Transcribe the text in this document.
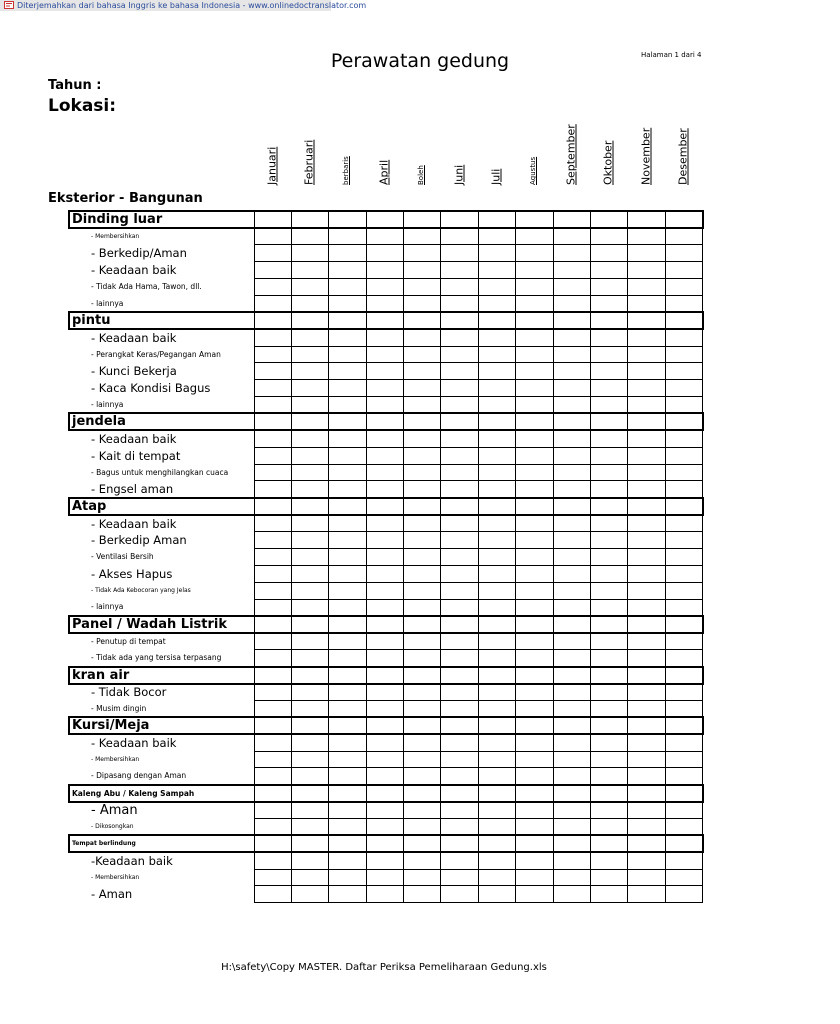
Diterjemahkan dari bahasa Inggris ke bahasa Indonesia - www.onlinedoctranslator.com
Perawatan gedung	Halaman 1 dari 4
Tahun :
Lokasi:
Januari Februari	berbaris April	Boleh Juni Juli	Agustus September Oktober November Desember
Eksterior - Bangunan
Dinding luar												
- Membersihkan												
- Berkedip/Aman												
- Keadaan baik												
- Tidak Ada Hama, Tawon, dll.												
- lainnya												
pintu												
- Keadaan baik												
- Perangkat Keras/Pegangan Aman												
- Kunci Bekerja												
- Kaca Kondisi Bagus												
- lainnya												
jendela												
- Keadaan baik												
- Kait di tempat												
- Bagus untuk menghilangkan cuaca												
- Engsel aman												
Atap												
- Keadaan baik												
- Berkedip Aman												
- Ventilasi Bersih												
- Akses Hapus												
- Tidak Ada Kebocoran yang Jelas												
- lainnya												
Panel / Wadah Listrik												
- Penutup di tempat												
- Tidak ada yang tersisa terpasang												
kran air												
- Tidak Bocor												
- Musim dingin												
Kursi/Meja												
- Keadaan baik												
- Membersihkan												
- Dipasang dengan Aman												
Kaleng Abu / Kaleng Sampah												
- Aman												
- Dikosongkan												
Tempat berlindung												
-Keadaan baik												
- Membersihkan												
- Aman												
H:\safety\Copy MASTER. Daftar Periksa Pemeliharaan Gedung.xls
